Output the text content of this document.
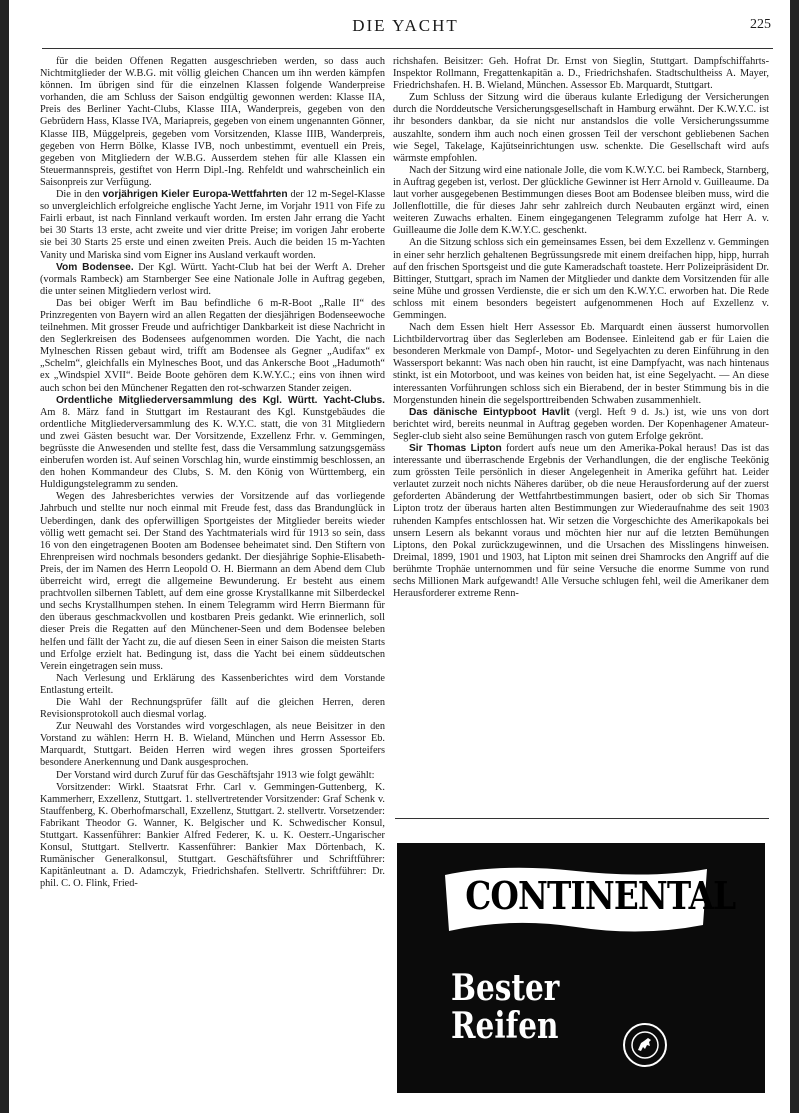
DIE YACHT	225

für die beiden Offenen Regatten ausgeschrieben werden, so dass auch Nichtmitglieder der W.B.G. mit völlig gleichen Chancen um ihn werden kämpfen können. Im übrigen sind für die einzelnen Klassen folgende Wanderpreise vorhanden, die am Schluss der Saison endgültig gewonnen werden: Klasse IIA, Preis des Berliner Yacht-Clubs, Klasse IIIA, Wanderpreis, gegeben von den Gebrüdern Hass, Klasse IVA, Mariapreis, gegeben von einem ungenannten Gönner, Klasse IIB, Müggelpreis, gegeben vom Vorsitzenden, Klasse IIIB, Wanderpreis, gegeben von Herrn Bölke, Klasse IVB, noch unbestimmt, eventuell ein Preis, gegeben von Mitgliedern der W.B.G. Ausserdem stehen für alle Klassen ein Steuermannspreis, gestiftet von Herrn Dipl.-Ing. Rehfeldt und wahrscheinlich ein Saisonpreis zur Verfügung.

Die in den vorjährigen Kieler Europa-Wettfahrten der 12 m-Segel-Klasse so unvergleichlich erfolgreiche englische Yacht Jerne, im Vorjahr 1911 von Fife zu Fairli erbaut, ist nach Finnland verkauft worden. Im ersten Jahr errang die Yacht bei 30 Starts 13 erste, acht zweite und vier dritte Preise; im vorigen Jahr eroberte sie bei 30 Starts 25 erste und einen zweiten Preis. Auch die beiden 15 m-Yachten Vanity und Mariska sind vom Eigner ins Ausland verkauft worden.

Vom Bodensee. Der Kgl. Württ. Yacht-Club hat bei der Werft A. Dreher (vormals Rambeck) am Starnberger See eine Nationale Jolle in Auftrag gegeben, die unter seinen Mitgliedern verlost wird.

Das bei obiger Werft im Bau befindliche 6 m-R-Boot „Ralle II“ des Prinzregenten von Bayern wird an allen Regatten der diesjährigen Bodenseewoche teilnehmen. Mit grosser Freude und aufrichtiger Dankbarkeit ist diese Nachricht in den Seglerkreisen des Bodensees aufgenommen worden. Die Yacht, die nach Mylneschen Rissen gebaut wird, trifft am Bodensee als Gegner „Audifax“ ex „Schelm“, gleichfalls ein Mylnesches Boot, und das Ankersche Boot „Hadumoth“ ex „Windspiel XVII“. Beide Boote gehören dem K.W.Y.C.; eins von ihnen wird auch schon bei den Münchener Regatten den rot-schwarzen Stander zeigen.

Ordentliche Mitgliederversammlung des Kgl. Württ. Yacht-Clubs. Am 8. März fand in Stuttgart im Restaurant des Kgl. Kunstgebäudes die ordentliche Mitgliederversammlung des K. W.Y.C. statt, die von 31 Mitgliedern und zwei Gästen besucht war. Der Vorsitzende, Exzellenz Frhr. v. Gemmingen, begrüsste die Anwesenden und stellte fest, dass die Versammlung satzungsgemäss einberufen worden ist. Auf seinen Vorschlag hin, wurde einstimmig beschlossen, an den hohen Kommandeur des Clubs, S. M. den König von Württemberg, ein Huldigungstelegramm zu senden.

Wegen des Jahresberichtes verwies der Vorsitzende auf das vorliegende Jahrbuch und stellte nur noch einmal mit Freude fest, dass das Brandunglück in Ueberdingen, dank des opferwilligen Sportgeistes der Mitglieder bereits wieder völlig wett gemacht sei. Der Stand des Yachtmaterials wird für 1913 so sein, dass 16 von den eingetragenen Booten am Bodensee beheimatet sind. Den Stiftern von Ehrenpreisen wird nochmals besonders gedankt. Der diesjährige Sophie-Elisabeth-Preis, der im Namen des Herrn Leopold O. H. Biermann an dem Abend dem Club überreicht wird, erregt die allgemeine Bewunderung. Er besteht aus einem prachtvollen silbernen Tablett, auf dem eine grosse Krystallkanne mit Silberdeckel und sechs Krystallhumpen stehen. In einem Telegramm wird Herrn Biermann für den überaus geschmackvollen und kostbaren Preis gedankt. Wie erinnerlich, soll dieser Preis die Regatten auf den Münchener-Seen und dem Bodensee beleben helfen und fällt der Yacht zu, die auf diesen Seen in einer Saison die meisten Starts und Erfolge erzielt hat. Bedingung ist, dass die Yacht bei einem süddeutschen Verein eingetragen sein muss.

Nach Verlesung und Erklärung des Kassenberichtes wird dem Vorstande Entlastung erteilt.

Die Wahl der Rechnungsprüfer fällt auf die gleichen Herren, deren Revisionsprotokoll auch diesmal vorlag.

Zur Neuwahl des Vorstandes wird vorgeschlagen, als neue Beisitzer in den Vorstand zu wählen: Herrn H. B. Wieland, München und Herrn Assessor Eb. Marquardt, Stuttgart. Beiden Herren wird wegen ihres grossen Sporteifers besondere Anerkennung und Dank ausgesprochen.

Der Vorstand wird durch Zuruf für das Geschäftsjahr 1913 wie folgt gewählt:

Vorsitzender: Wirkl. Staatsrat Frhr. Carl v. Gemmingen-Guttenberg, K. Kammerherr, Exzellenz, Stuttgart. 1. stellvertretender Vorsitzender: Graf Schenk v. Stauffenberg, K. Oberhofmarschall, Exzellenz, Stuttgart. 2. stellvertr. Vorsetzender: Fabrikant Theodor G. Wanner, K. Belgischer und K. Schwedischer Konsul, Stuttgart. Kassenführer: Bankier Alfred Federer, K. u. K. Oesterr.-Ungarischer Konsul, Stuttgart. Stellvertr. Kassenführer: Bankier Max Dörtenbach, K. Rumänischer Generalkonsul, Stuttgart. Geschäftsführer und Schriftführer: Kapitänleutnant a. D. Adamczyk, Friedrichshafen. Stellvertr. Schriftführer: Dr. phil. C. O. Flink, Fried-

richshafen. Beisitzer: Geh. Hofrat Dr. Ernst von Sieglin, Stuttgart. Dampfschiffahrts-Inspektor Rollmann, Fregattenkapitän a. D., Friedrichshafen. Stadtschultheiss A. Mayer, Friedrichshafen. H. B. Wieland, München. Assessor Eb. Marquardt, Stuttgart.

Zum Schluss der Sitzung wird die überaus kulante Erledigung der Versicherungen durch die Norddeutsche Versicherungsgesellschaft in Hamburg erwähnt. Der K.W.Y.C. ist ihr besonders dankbar, da sie nicht nur anstandslos die volle Versicherungssumme auszahlte, sondern ihm auch noch einen grossen Teil der verschont gebliebenen Sachen wie Segel, Takelage, Kajütseinrichtungen usw. schenkte. Die Gesellschaft wird aufs wärmste empfohlen.

Nach der Sitzung wird eine nationale Jolle, die vom K.W.Y.C. bei Rambeck, Starnberg, in Auftrag gegeben ist, verlost. Der glückliche Gewinner ist Herr Arnold v. Guilleaume. Da laut vorher ausgegebenen Bestimmungen dieses Boot am Bodensee bleiben muss, wird die Jollenflottille, die für dieses Jahr sehr zahlreich durch Neubauten ergänzt wird, einen weiteren Zuwachs erhalten. Einem eingegangenen Telegramm zufolge hat Herr A. v. Guilleaume die Jolle dem K.W.Y.C. geschenkt.

An die Sitzung schloss sich ein gemeinsames Essen, bei dem Exzellenz v. Gemmingen in einer sehr herzlich gehaltenen Begrüssungsrede mit einem dreifachen hipp, hipp, hurrah auf den frischen Sportsgeist und die gute Kameradschaft toastete. Herr Polizeipräsident Dr. Bittinger, Stuttgart, sprach im Namen der Mitglieder und dankte dem Vorsitzenden für alle seine Mühe und grossen Verdienste, die er sich um den K.W.Y.C. erworben hat. Die Rede schloss mit einem besonders begeistert aufgenommenen Hoch auf Exzellenz v. Gemmingen.

Nach dem Essen hielt Herr Assessor Eb. Marquardt einen äusserst humorvollen Lichtbildervortrag über das Seglerleben am Bodensee. Einleitend gab er für Laien die besonderen Merkmale von Dampf-, Motor- und Segelyachten zu deren Einführung in den Wassersport bekannt: Was nach oben hin raucht, ist eine Dampfyacht, was nach hintenaus stinkt, ist ein Motorboot, und was keines von beiden hat, ist eine Segelyacht. — An diese interessanten Vorführungen schloss sich ein Bierabend, der in bester Stimmung bis in die Morgenstunden hinein die segelsporttreibenden Schwaben zusammenhielt.

Das dänische Eintypboot Havlit (vergl. Heft 9 d. Js.) ist, wie uns von dort berichtet wird, bereits neunmal in Auftrag gegeben worden. Der Kopenhagener Amateur-Segler-club sieht also seine Bemühungen rasch von gutem Erfolge gekrönt.

Sir Thomas Lipton fordert aufs neue um den Amerika-Pokal heraus! Das ist das interessante und überraschende Ergebnis der Verhandlungen, die der englische Teekönig zum grössten Teile persönlich in dieser Angelegenheit in Amerika geführt hat. Leider verlautet zurzeit noch nichts Näheres darüber, ob die neue Herausforderung auf der zuerst geforderten Abänderung der Wettfahrtbestimmungen basiert, oder ob sich Sir Thomas Lipton trotz der überaus harten alten Bestimmungen zur Wiederaufnahme des seit 1903 ruhenden Kampfes entschlossen hat. Wir setzen die Vorgeschichte des Amerikapokals bei unsern Lesern als bekannt voraus und möchten hier nur auf die letzten Bemühungen Liptons, den Pokal zurückzugewinnen, und die Ursachen des Misslingens hinweisen. Dreimal, 1899, 1901 und 1903, hat Lipton mit seinen drei Shamrocks den Angriff auf die berühmte Trophäe unternommen und für seine Versuche die enorme Summe von rund sechs Millionen Mark aufgewandt! Alle Versuche schlugen fehl, weil die Amerikaner dem Herausforderer extreme Renn-

CONTINENTAL
Bester
Reifen
